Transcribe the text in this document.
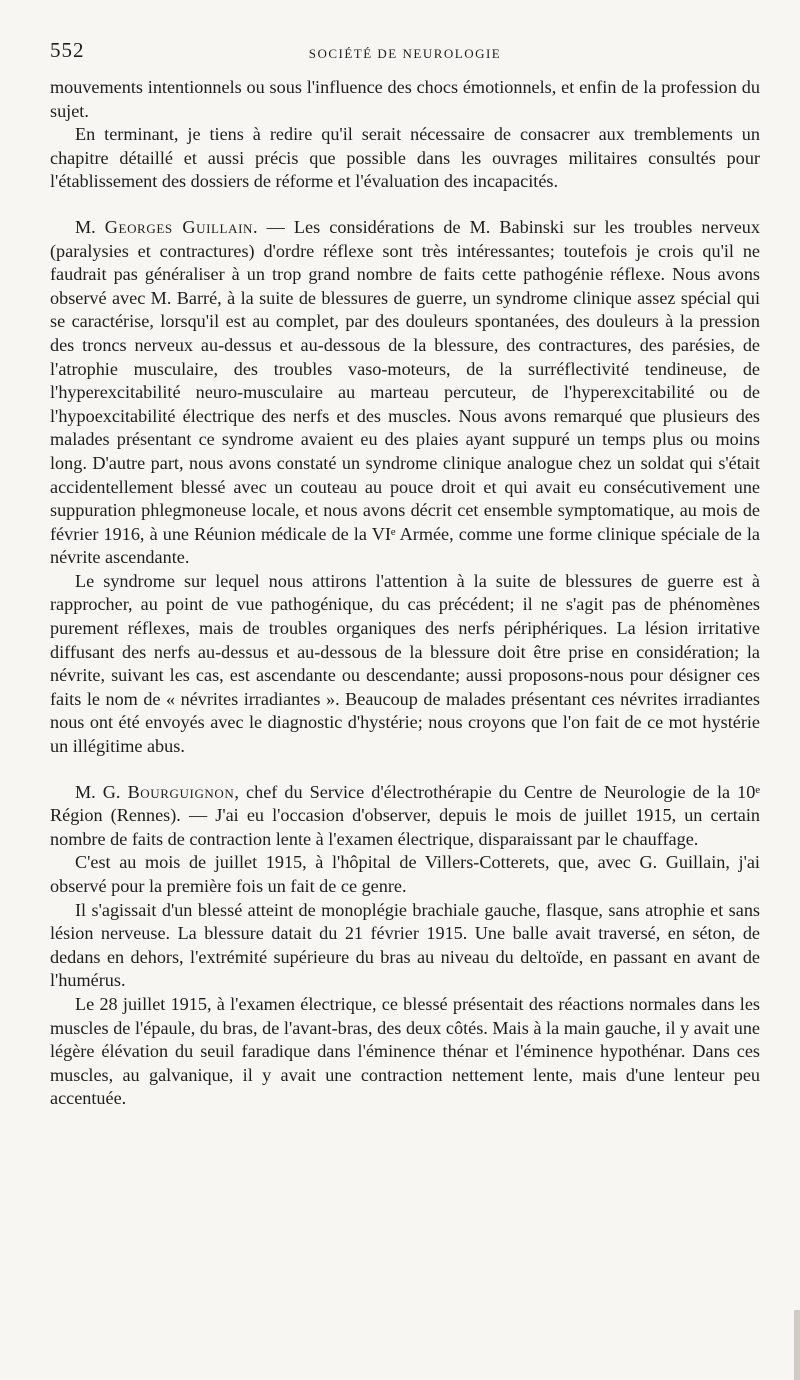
552	SOCIÉTÉ DE NEUROLOGIE

mouvements intentionnels ou sous l'influence des chocs émotionnels, et enfin de la profession du sujet.

En terminant, je tiens à redire qu'il serait nécessaire de consacrer aux tremblements un chapitre détaillé et aussi précis que possible dans les ouvrages militaires consultés pour l'établissement des dossiers de réforme et l'évaluation des incapacités.

M. Georges Guillain. — Les considérations de M. Babinski sur les troubles nerveux (paralysies et contractures) d'ordre réflexe sont très intéressantes; toutefois je crois qu'il ne faudrait pas généraliser à un trop grand nombre de faits cette pathogénie réflexe. Nous avons observé avec M. Barré, à la suite de blessures de guerre, un syndrome clinique assez spécial qui se caractérise, lorsqu'il est au complet, par des douleurs spontanées, des douleurs à la pression des troncs nerveux au-dessus et au-dessous de la blessure, des contractures, des parésies, de l'atrophie musculaire, des troubles vaso-moteurs, de la surréflectivité tendineuse, de l'hyperexcitabilité neuro-musculaire au marteau percuteur, de l'hyperexcitabilité ou de l'hypoexcitabilité électrique des nerfs et des muscles. Nous avons remarqué que plusieurs des malades présentant ce syndrome avaient eu des plaies ayant suppuré un temps plus ou moins long. D'autre part, nous avons constaté un syndrome clinique analogue chez un soldat qui s'était accidentellement blessé avec un couteau au pouce droit et qui avait eu consécutivement une suppuration phlegmoneuse locale, et nous avons décrit cet ensemble symptomatique, au mois de février 1916, à une Réunion médicale de la VIᵉ Armée, comme une forme clinique spéciale de la névrite ascendante.

Le syndrome sur lequel nous attirons l'attention à la suite de blessures de guerre est à rapprocher, au point de vue pathogénique, du cas précédent; il ne s'agit pas de phénomènes purement réflexes, mais de troubles organiques des nerfs périphériques. La lésion irritative diffusant des nerfs au-dessus et au-dessous de la blessure doit être prise en considération; la névrite, suivant les cas, est ascendante ou descendante; aussi proposons-nous pour désigner ces faits le nom de « névrites irradiantes ». Beaucoup de malades présentant ces névrites irradiantes nous ont été envoyés avec le diagnostic d'hystérie; nous croyons que l'on fait de ce mot hystérie un illégitime abus.

M. G. Bourguignon, chef du Service d'électrothérapie du Centre de Neurologie de la 10ᵉ Région (Rennes). — J'ai eu l'occasion d'observer, depuis le mois de juillet 1915, un certain nombre de faits de contraction lente à l'examen électrique, disparaissant par le chauffage.

C'est au mois de juillet 1915, à l'hôpital de Villers-Cotterets, que, avec G. Guillain, j'ai observé pour la première fois un fait de ce genre.

Il s'agissait d'un blessé atteint de monoplégie brachiale gauche, flasque, sans atrophie et sans lésion nerveuse. La blessure datait du 21 février 1915. Une balle avait traversé, en séton, de dedans en dehors, l'extrémité supérieure du bras au niveau du deltoïde, en passant en avant de l'humérus.

Le 28 juillet 1915, à l'examen électrique, ce blessé présentait des réactions normales dans les muscles de l'épaule, du bras, de l'avant-bras, des deux côtés. Mais à la main gauche, il y avait une légère élévation du seuil faradique dans l'éminence thénar et l'éminence hypothénar. Dans ces muscles, au galvanique, il y avait une contraction nettement lente, mais d'une lenteur peu accentuée.
